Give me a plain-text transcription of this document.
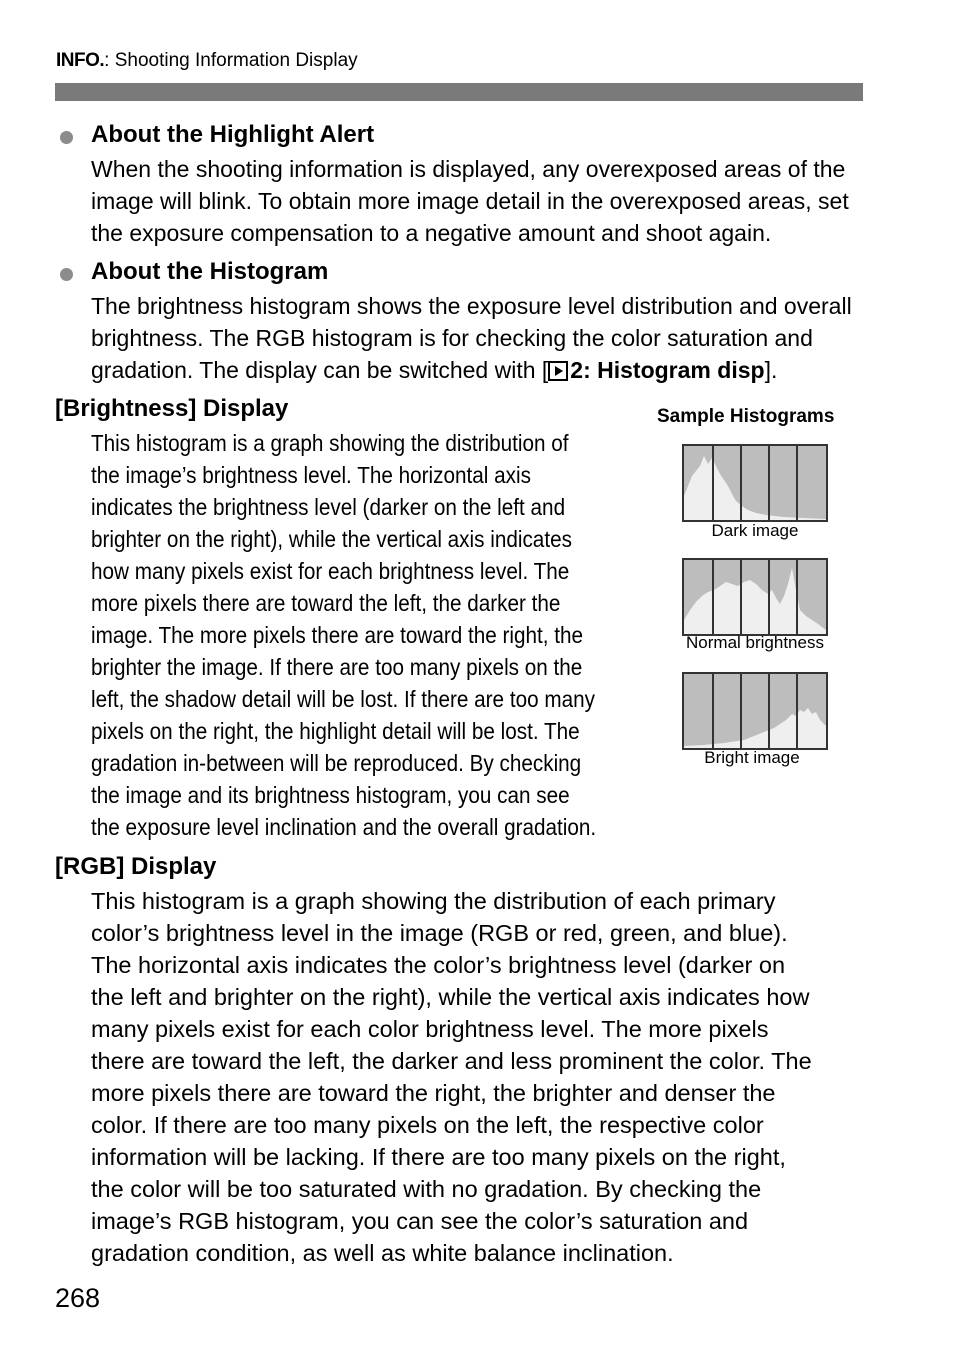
INFO.: Shooting Information Display
About the Highlight Alert
When the shooting information is displayed, any overexposed areas of the
image will blink. To obtain more image detail in the overexposed areas, set
the exposure compensation to a negative amount and shoot again.
About the Histogram
The brightness histogram shows the exposure level distribution and overall
brightness. The RGB histogram is for checking the color saturation and
gradation. The display can be switched with [ 2: Histogram disp].
[Brightness] Display
This histogram is a graph showing the distribution of
the image’s brightness level. The horizontal axis
indicates the brightness level (darker on the left and
brighter on the right), while the vertical axis indicates
how many pixels exist for each brightness level. The
more pixels there are toward the left, the darker the
image. The more pixels there are toward the right, the
brighter the image. If there are too many pixels on the
left, the shadow detail will be lost. If there are too many
pixels on the right, the highlight detail will be lost. The
gradation in-between will be reproduced. By checking
the image and its brightness histogram, you can see
the exposure level inclination and the overall gradation.
Sample Histograms
Dark image
Normal brightness
Bright image
[RGB] Display
This histogram is a graph showing the distribution of each primary
color’s brightness level in the image (RGB or red, green, and blue).
The horizontal axis indicates the color’s brightness level (darker on
the left and brighter on the right), while the vertical axis indicates how
many pixels exist for each color brightness level. The more pixels
there are toward the left, the darker and less prominent the color. The
more pixels there are toward the right, the brighter and denser the
color. If there are too many pixels on the left, the respective color
information will be lacking. If there are too many pixels on the right,
the color will be too saturated with no gradation. By checking the
image’s RGB histogram, you can see the color’s saturation and
gradation condition, as well as white balance inclination.
268
